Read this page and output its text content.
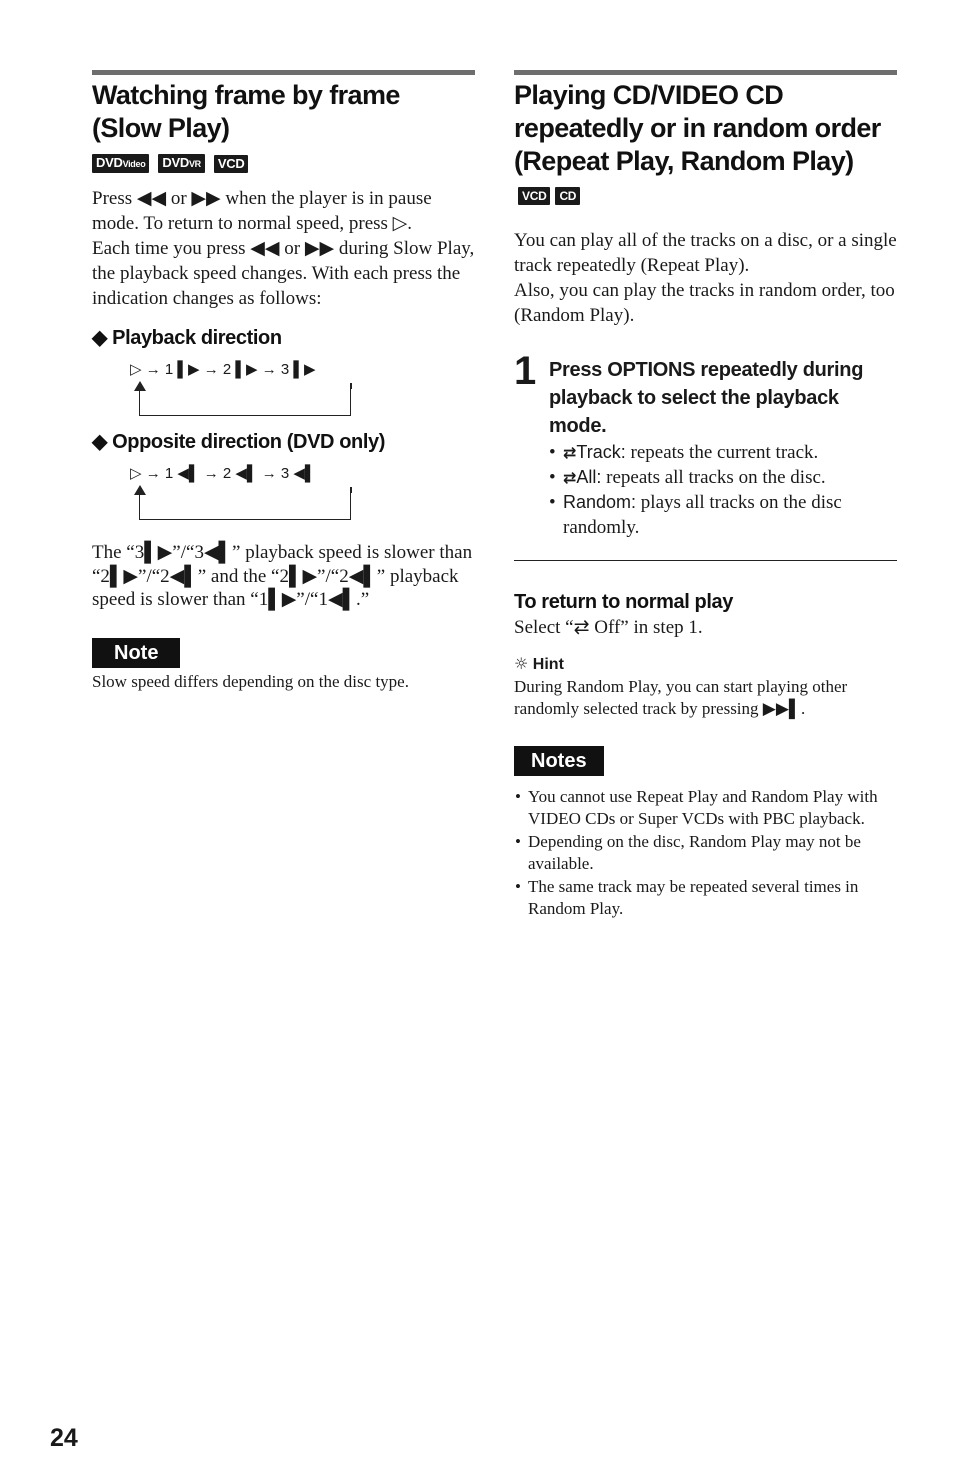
Watching frame by frame (Slow Play)
DVDVideo DVDVR VCD

Press ◀◀ or ▶▶ when the player is in pause mode. To return to normal speed, press ▷.

Each time you press ◀◀ or ▶▶ during Slow Play, the playback speed changes. With each press the indication changes as follows:

◆ Playback direction
▷ → 1 ▌▶ → 2 ▌▶ → 3 ▌▶
◆ Opposite direction (DVD only)
▷ → 1 ◀▌ → 2 ◀▌ → 3 ◀▌

The “3▌▶”/“3◀▌” playback speed is slower than “2▌▶”/“2◀▌” and the “2▌▶”/“2◀▌” playback speed is slower than “1▌▶”/“1◀▌.”

Note

Slow speed differs depending on the disc type.

Playing CD/VIDEO CD repeatedly or in random order (Repeat Play, Random Play) VCD CD

You can play all of the tracks on a disc, or a single track repeatedly (Repeat Play).

Also, you can play the tracks in random order, too (Random Play).

1 Press OPTIONS repeatedly during playback to select the playback mode.
• ⇄Track: repeats the current track.
• ⇄All: repeats all tracks on the disc.
• Random: plays all tracks on the disc randomly.
To return to normal play

Select “⇄ Off” in step 1.

☼ Hint

During Random Play, you can start playing other randomly selected track by pressing ▶▶▌.

Notes
• You cannot use Repeat Play and Random Play with VIDEO CDs or Super VCDs with PBC playback.
• Depending on the disc, Random Play may not be available.
• The same track may be repeated several times in Random Play.
24
